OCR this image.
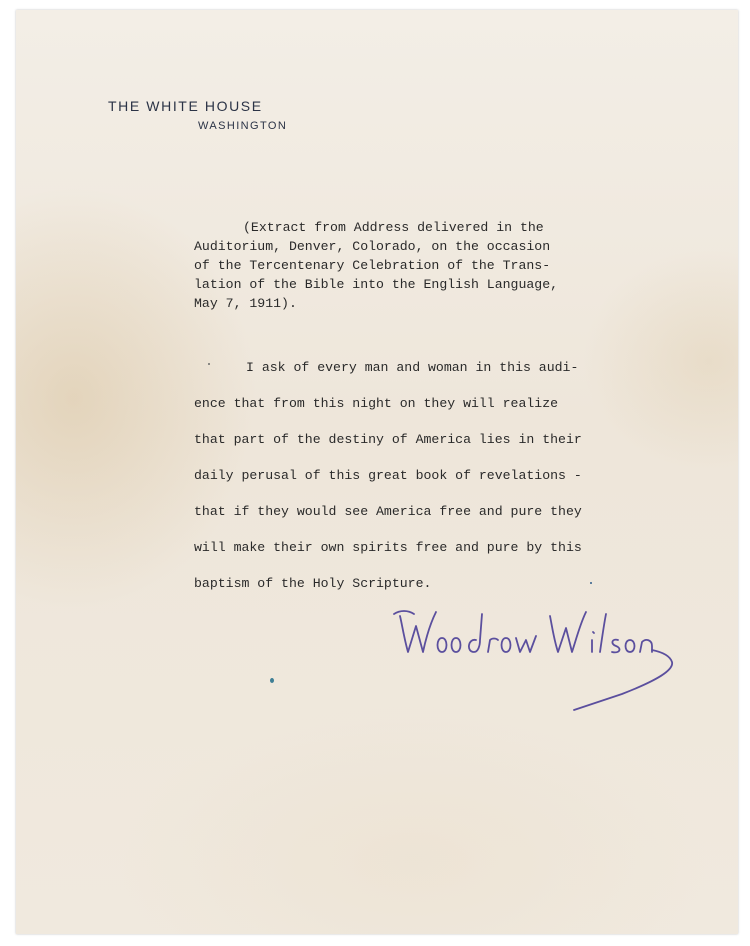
THE WHITE HOUSE
WASHINGTON

(Extract from Address delivered in the

Auditorium, Denver, Colorado, on the occasion

of the Tercentenary Celebration of the Trans-

lation of the Bible into the English Language,

May 7, 1911).

I ask of every man and woman in this audi-

ence that from this night on they will realize

that part of the destiny of America lies in their

daily perusal of this great book of revelations -

that if they would see America free and pure they

will make their own spirits free and pure by this

baptism of the Holy Scripture.
